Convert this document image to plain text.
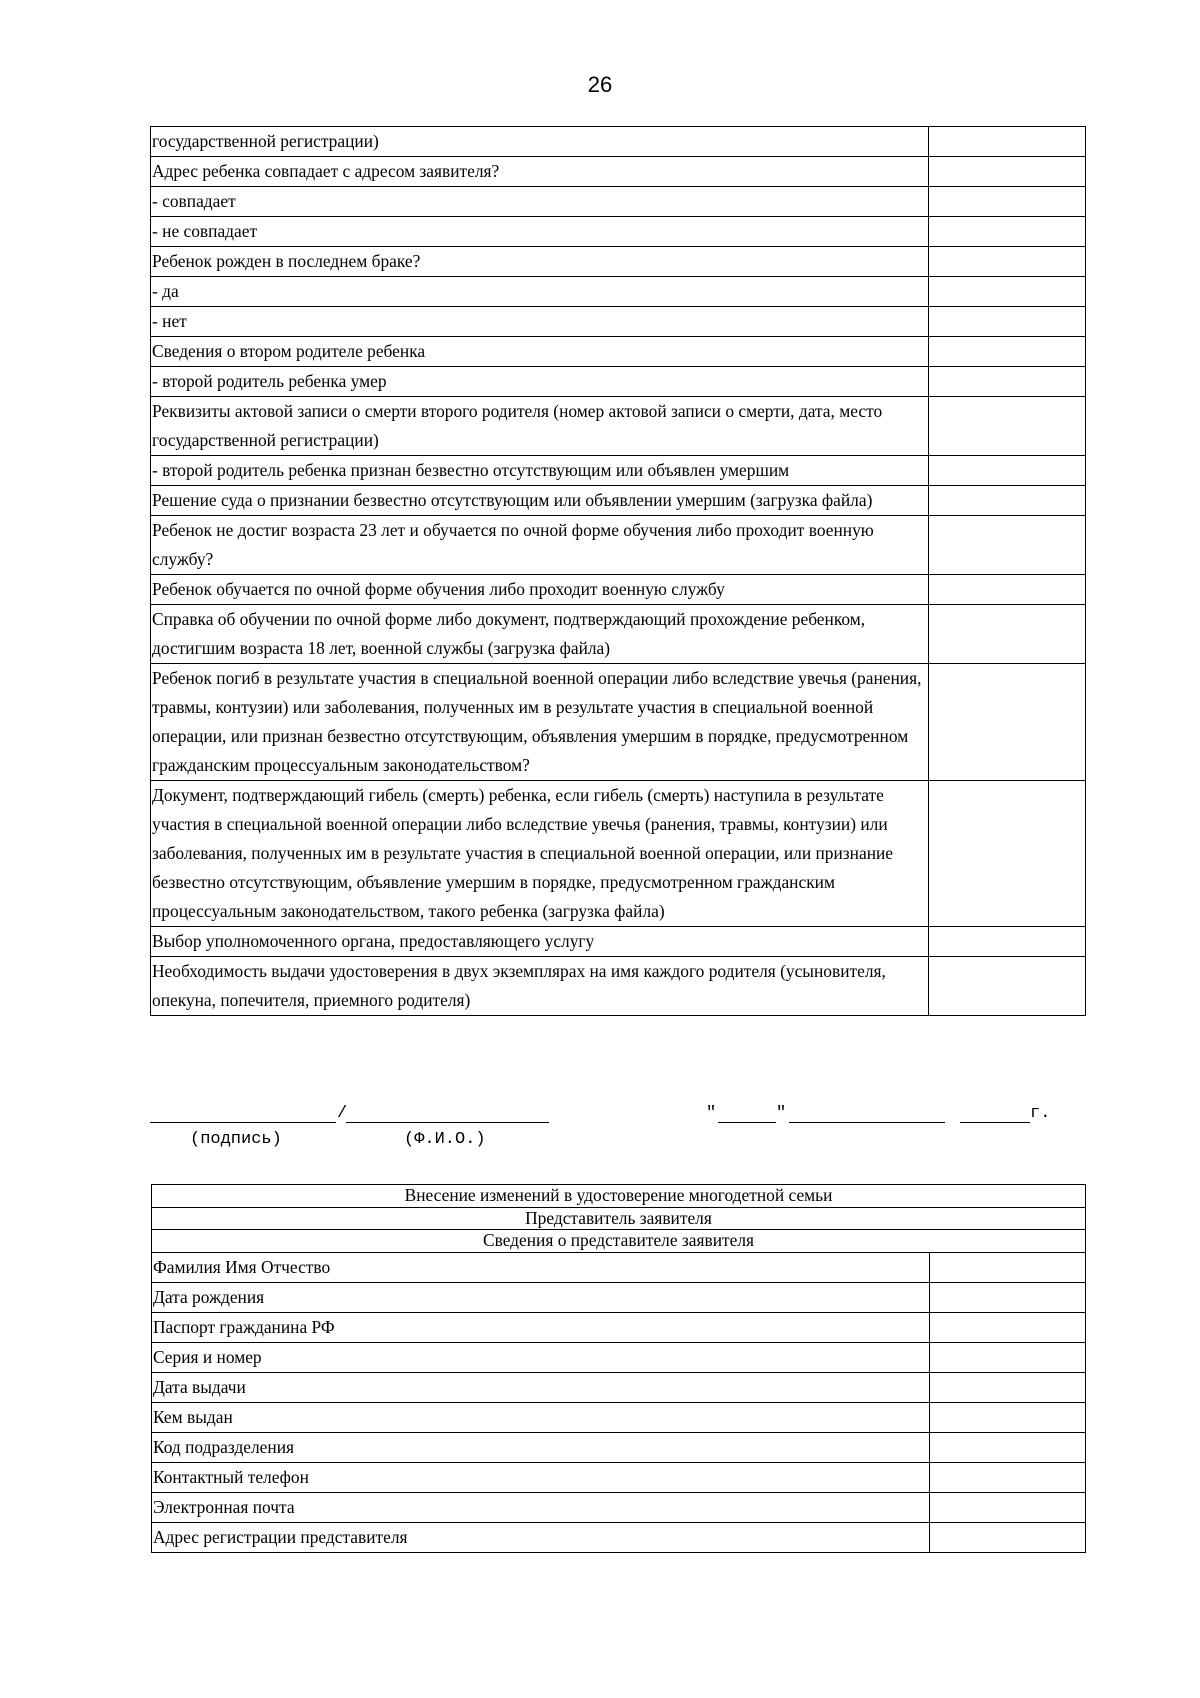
26
государственной регистрации)	
Адрес ребенка совпадает с адресом заявителя?	
- совпадает	
- не совпадает	
Ребенок рожден в последнем браке?	
- да	
- нет	
Сведения о втором родителе ребенка	
- второй родитель ребенка умер	
Реквизиты актовой записи о смерти второго родителя (номер актовой записи о смерти, дата, место государственной регистрации)	
- второй родитель ребенка признан безвестно отсутствующим или объявлен умершим	
Решение суда о признании безвестно отсутствующим или объявлении умершим (загрузка файла)	
Ребенок не достиг возраста 23 лет и обучается по очной форме обучения либо проходит военную службу?	
Ребенок обучается по очной форме обучения либо проходит военную службу	
Справка об обучении по очной форме либо документ, подтверждающий прохождение ребенком, достигшим возраста 18 лет, военной службы (загрузка файла)	
Ребенок погиб в результате участия в специальной военной операции либо вследствие увечья (ранения, травмы, контузии) или заболевания, полученных им в результате участия в специальной военной операции, или признан безвестно отсутствующим, объявления умершим в порядке, предусмотренном гражданским процессуальным законодательством?	
Документ, подтверждающий гибель (смерть) ребенка, если гибель (смерть) наступила в результате участия в специальной военной операции либо вследствие увечья (ранения, травмы, контузии) или заболевания, полученных им в результате участия в специальной военной операции, или признание безвестно отсутствующим, объявление умершим в порядке, предусмотренном гражданским процессуальным законодательством, такого ребенка (загрузка файла)	
Выбор уполномоченного органа, предоставляющего услугу	
Необходимость выдачи удостоверения в двух экземплярах на имя каждого родителя (усыновителя, опекуна, попечителя, приемного родителя)	
/	"	"	г.
(подпись)	(Ф.И.О.)
Внесение изменений в удостоверение многодетной семьи	
Представитель заявителя	
Сведения о представителе заявителя	
Фамилия Имя Отчество	
Дата рождения	
Паспорт гражданина РФ	
Серия и номер	
Дата выдачи	
Кем выдан	
Код подразделения	
Контактный телефон	
Электронная почта	
Адрес регистрации представителя	
